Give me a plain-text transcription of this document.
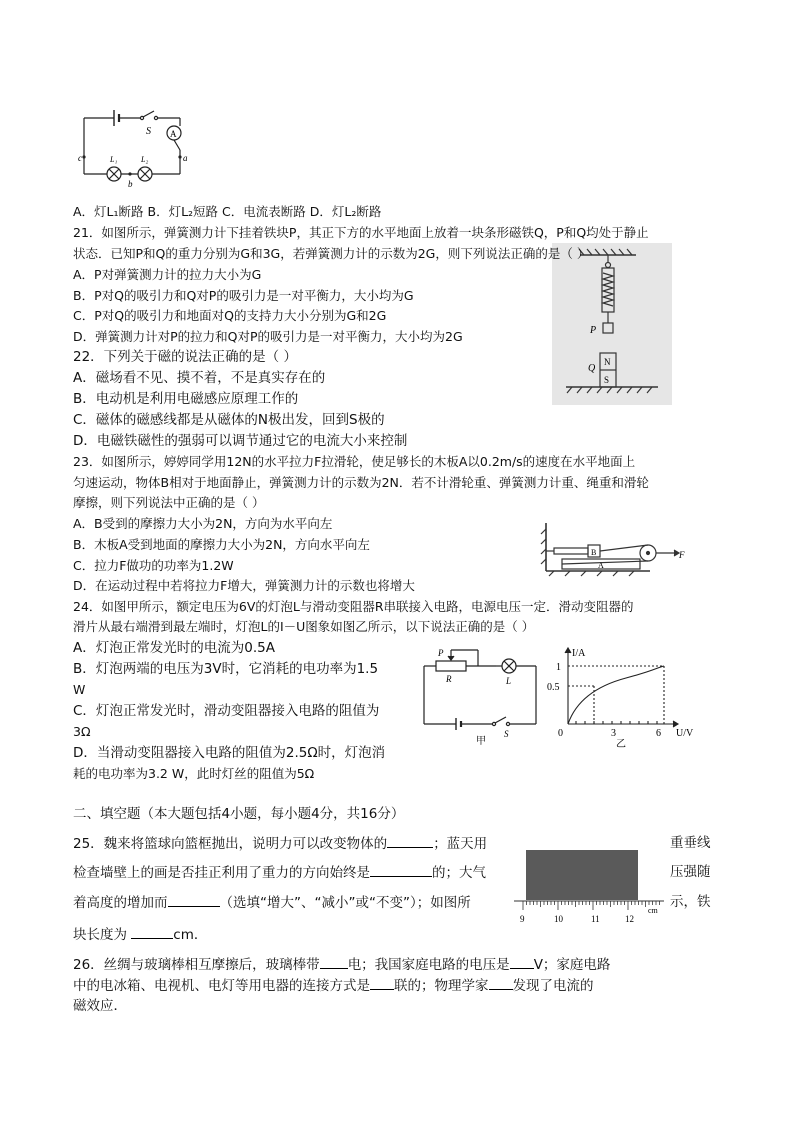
A
S
c	a
b
L₁	L₂
P
Q
N
S
B
A
F
P
R	L
S
甲
I/A
U/V
0
1
0.5
3	6
乙
9	10	11	12
cm
A．灯L₁断路 B．灯L₂短路 C．电流表断路 D．灯L₂断路
21．如图所示，弹簧测力计下挂着铁块P，其正下方的水平地面上放着一块条形磁铁Q，P和Q均处于静止
状态．已知P和Q的重力分别为G和3G，若弹簧测力计的示数为2G，则下列说法正确的是（ ）
A．P对弹簧测力计的拉力大小为G
B．P对Q的吸引力和Q对P的吸引力是一对平衡力，大小均为G
C．P对Q的吸引力和地面对Q的支持力大小分别为G和2G
D．弹簧测力计对P的拉力和Q对P的吸引力是一对平衡力，大小均为2G
22．下列关于磁的说法正确的是（ ）
A．磁场看不见、摸不着，不是真实存在的
B．电动机是利用电磁感应原理工作的
C．磁体的磁感线都是从磁体的N极出发，回到S极的
D．电磁铁磁性的强弱可以调节通过它的电流大小来控制
23．如图所示，婷婷同学用12N的水平拉力F拉滑轮，使足够长的木板A以0.2m/s的速度在水平地面上
匀速运动，物体B相对于地面静止，弹簧测力计的示数为2N．若不计滑轮重、弹簧测力计重、绳重和滑轮
摩擦，则下列说法中正确的是（ ）
A．B受到的摩擦力大小为2N，方向为水平向左
B．木板A受到地面的摩擦力大小为2N，方向水平向左
C．拉力F做功的功率为1.2W
D．在运动过程中若将拉力F增大，弹簧测力计的示数也将增大
24．如图甲所示，额定电压为6V的灯泡L与滑动变阻器R串联接入电路，电源电压一定．滑动变阻器的
滑片从最右端滑到最左端时，灯泡L的I－U图象如图乙所示，以下说法正确的是（ ）
A．灯泡正常发光时的电流为0.5A
B．灯泡两端的电压为3V时，它消耗的电功率为1.5
W
C．灯泡正常发光时，滑动变阻器接入电路的阻值为
3Ω
D．当滑动变阻器接入电路的阻值为2.5Ω时，灯泡消
耗的电功率为3.2 W，此时灯丝的阻值为5Ω
二、填空题（本大题包括4小题，每小题4分，共16分）
25．魏来将篮球向篮框抛出，说明力可以改变物体的	；蓝天用	重垂线
检查墙壁上的画是否挂正利用了重力的方向始终是	的；大气	压强随
着高度的增加而	（选填“增大”、“减小”或“不变”）；如图所	示，铁
块长度为	cm．
26．丝绸与玻璃棒相互摩擦后，玻璃棒带 电；我国家庭电路的电压是 V；家庭电路
中的电冰箱、电视机、电灯等用电器的连接方式是 联的；物理学家 发现了电流的
磁效应．
